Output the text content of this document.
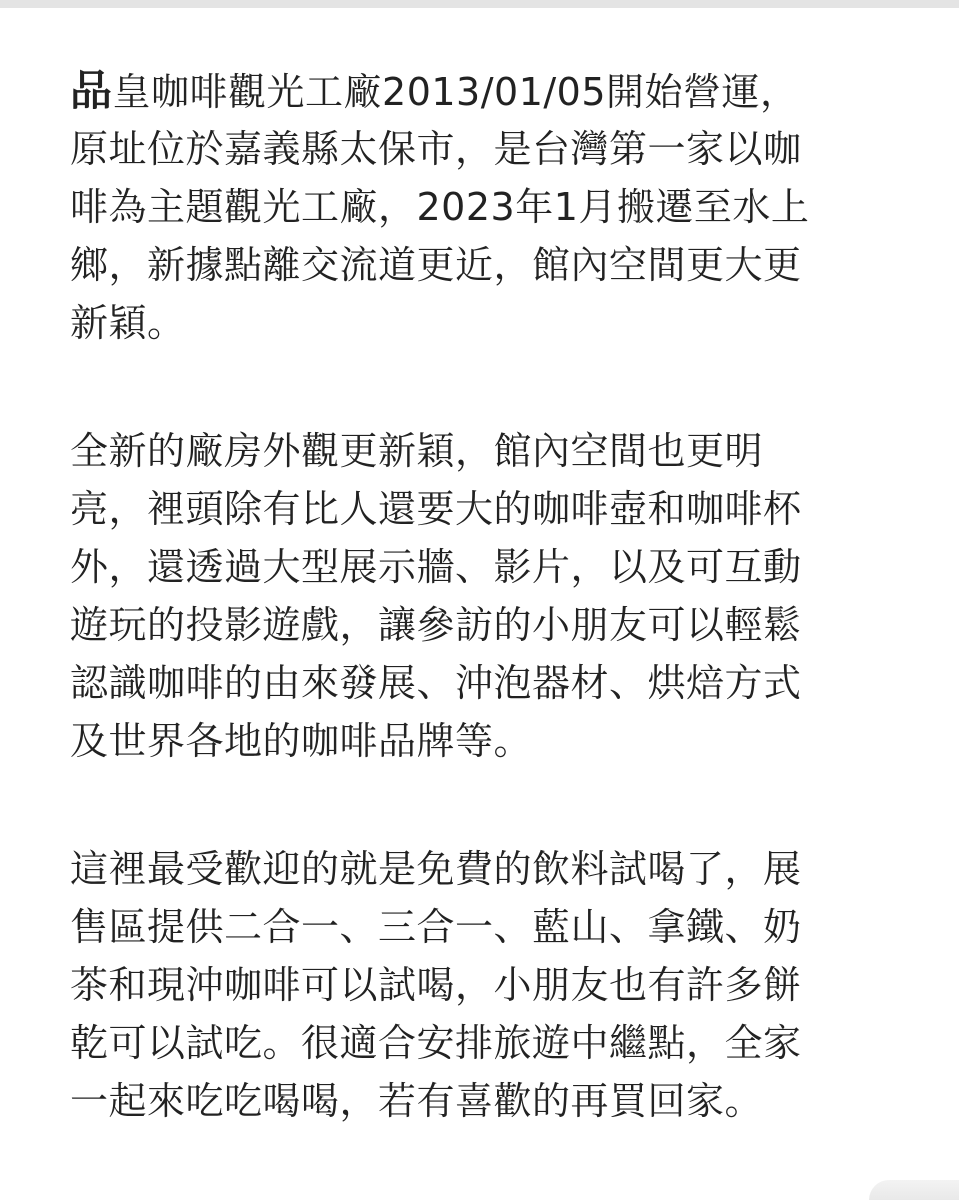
品皇咖啡觀光工廠2013/01/05開始營運，
原址位於嘉義縣太保市，是台灣第一家以咖
啡為主題觀光工廠，2023年1月搬遷至水上
鄉，新據點離交流道更近，館內空間更大更
新穎。
全新的廠房外觀更新穎，館內空間也更明
亮，裡頭除有比人還要大的咖啡壺和咖啡杯
外，還透過大型展示牆、影片，以及可互動
遊玩的投影遊戲，讓參訪的小朋友可以輕鬆
認識咖啡的由來發展、沖泡器材、烘焙方式
及世界各地的咖啡品牌等。
這裡最受歡迎的就是免費的飲料試喝了，展
售區提供二合一、三合一、藍山、拿鐵、奶
茶和現沖咖啡可以試喝，小朋友也有許多餅
乾可以試吃。很適合安排旅遊中繼點，全家
一起來吃吃喝喝，若有喜歡的再買回家。
